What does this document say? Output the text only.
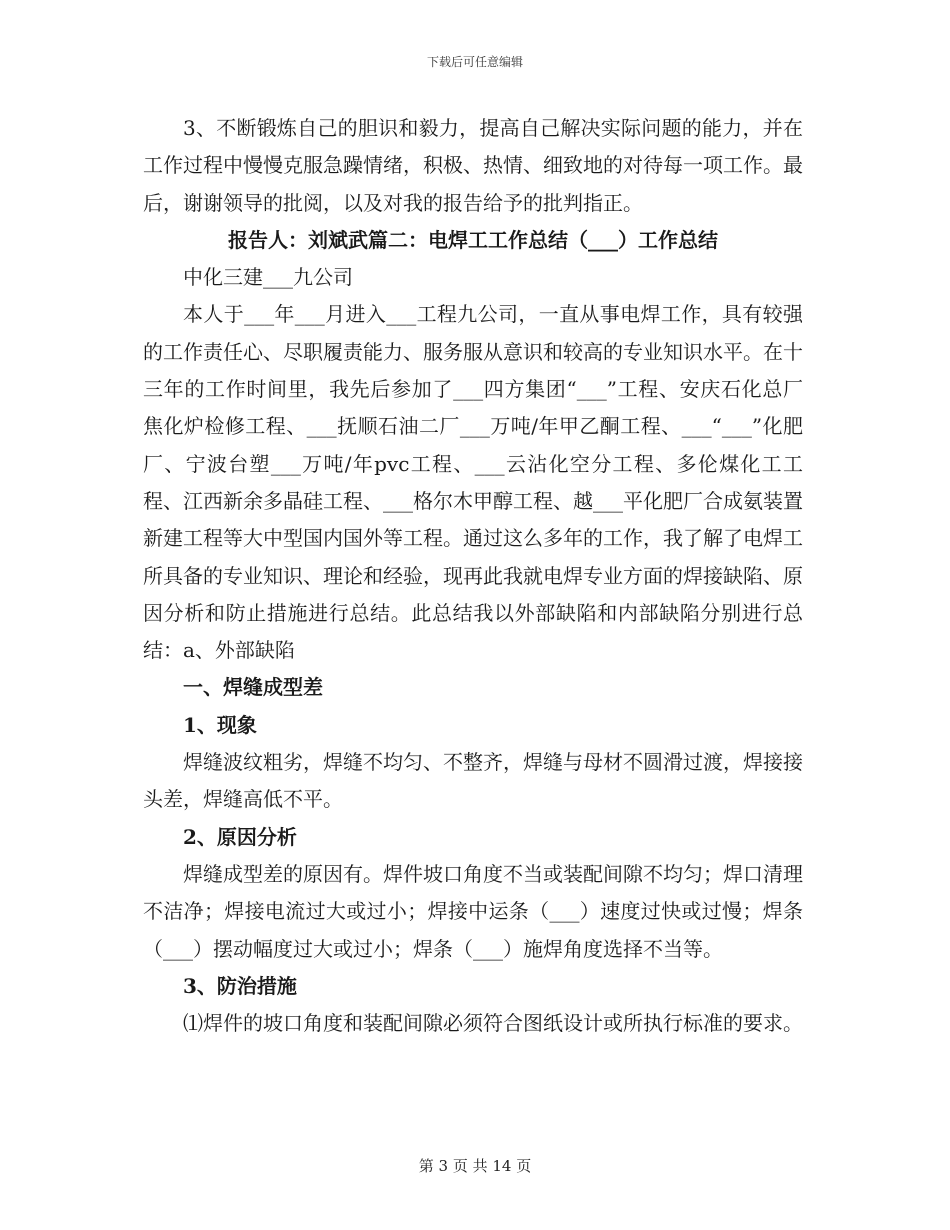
下载后可任意编辑

3、不断锻炼自己的胆识和毅力，提高自己解决实际问题的能力，并在工作过程中慢慢克服急躁情绪，积极、热情、细致地的对待每一项工作。最后，谢谢领导的批阅，以及对我的报告给予的批判指正。

报告人：刘斌武篇二：电焊工工作总结（___）工作总结

中化三建___九公司

本人于___年___月进入___工程九公司，一直从事电焊工作，具有较强的工作责任心、尽职履责能力、服务服从意识和较高的专业知识水平。在十三年的工作时间里，我先后参加了___四方集团“___”工程、安庆石化总厂焦化炉检修工程、___抚顺石油二厂___万吨/年甲乙酮工程、___“___”化肥厂、宁波台塑___万吨/年pvc工程、___云沾化空分工程、多伦煤化工工程、江西新余多晶硅工程、___格尔木甲醇工程、越___平化肥厂合成氨装置新建工程等大中型国内国外等工程。通过这么多年的工作，我了解了电焊工所具备的专业知识、理论和经验，现再此我就电焊专业方面的焊接缺陷、原因分析和防止措施进行总结。此总结我以外部缺陷和内部缺陷分别进行总结：a、外部缺陷

一、焊缝成型差

1、现象

焊缝波纹粗劣，焊缝不均匀、不整齐，焊缝与母材不圆滑过渡，焊接接头差，焊缝高低不平。

2、原因分析

焊缝成型差的原因有。焊件坡口角度不当或装配间隙不均匀；焊口清理不洁净；焊接电流过大或过小；焊接中运条（___）速度过快或过慢；焊条（___）摆动幅度过大或过小；焊条（___）施焊角度选择不当等。

3、防治措施

⑴焊件的坡口角度和装配间隙必须符合图纸设计或所执行标准的要求。

第 3 页 共 14 页
